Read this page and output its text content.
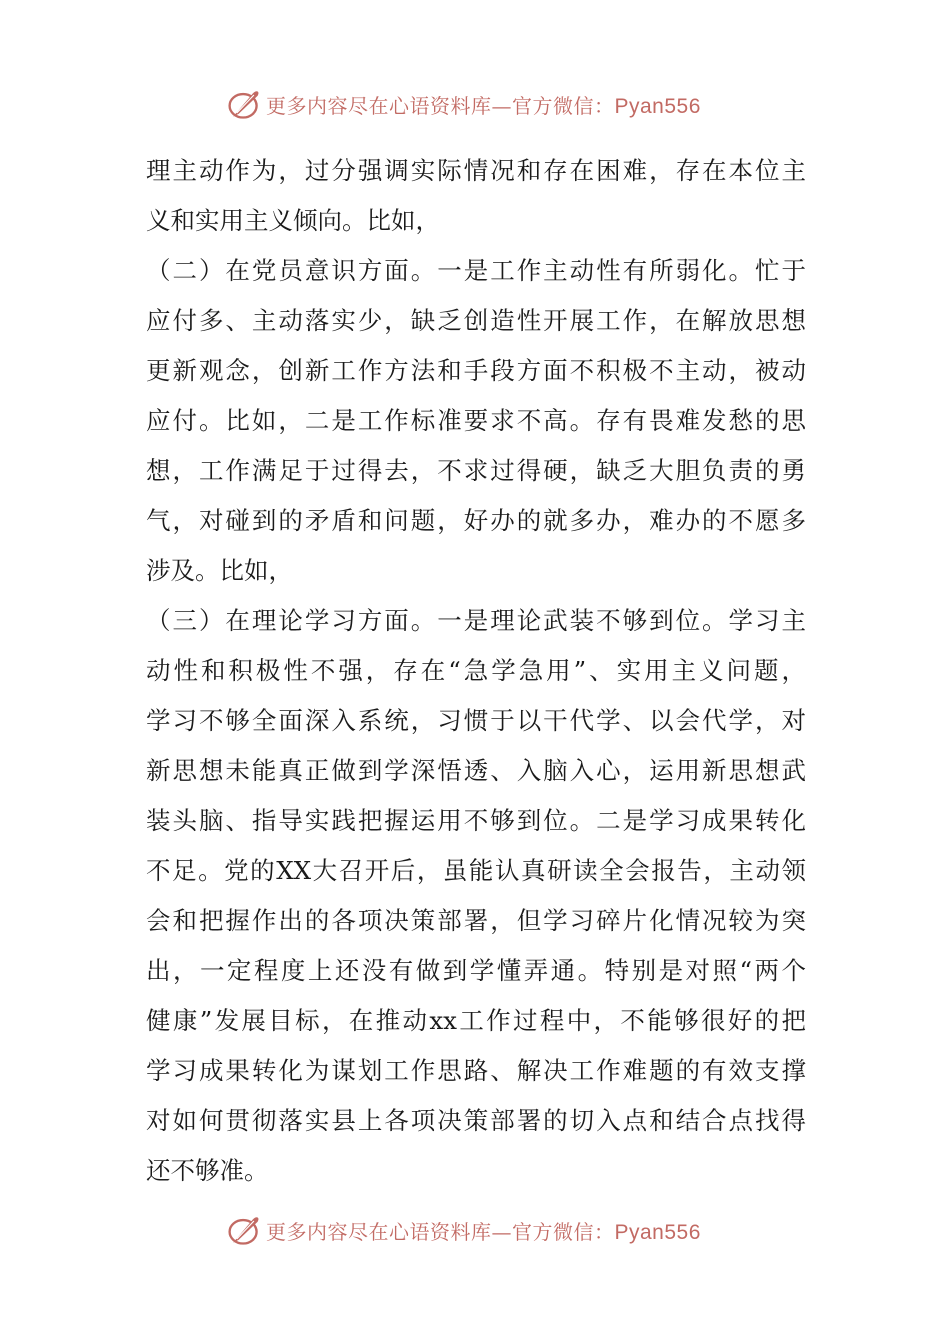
更多内容尽在心语资料库—官方微信：Pyan556
理主动作为，过分强调实际情况和存在困难，存在本位主
义和实用主义倾向。比如，
（二）在党员意识方面。一是工作主动性有所弱化。忙于
应付多、主动落实少，缺乏创造性开展工作，在解放思想
更新观念，创新工作方法和手段方面不积极不主动，被动
应付。比如，二是工作标准要求不高。存有畏难发愁的思
想，工作满足于过得去，不求过得硬，缺乏大胆负责的勇
气，对碰到的矛盾和问题，好办的就多办，难办的不愿多
涉及。比如，
（三）在理论学习方面。一是理论武装不够到位。学习主
动性和积极性不强，存在“急学急用”、实用主义问题，
学习不够全面深入系统，习惯于以干代学、以会代学，对
新思想未能真正做到学深悟透、入脑入心，运用新思想武
装头脑、指导实践把握运用不够到位。二是学习成果转化
不足。党的XX大召开后，虽能认真研读全会报告，主动领
会和把握作出的各项决策部署，但学习碎片化情况较为突
出，一定程度上还没有做到学懂弄通。特别是对照“两个
健康”发展目标，在推动xx工作过程中，不能够很好的把
学习成果转化为谋划工作思路、解决工作难题的有效支撑
对如何贯彻落实县上各项决策部署的切入点和结合点找得
还不够准。
更多内容尽在心语资料库—官方微信：Pyan556
